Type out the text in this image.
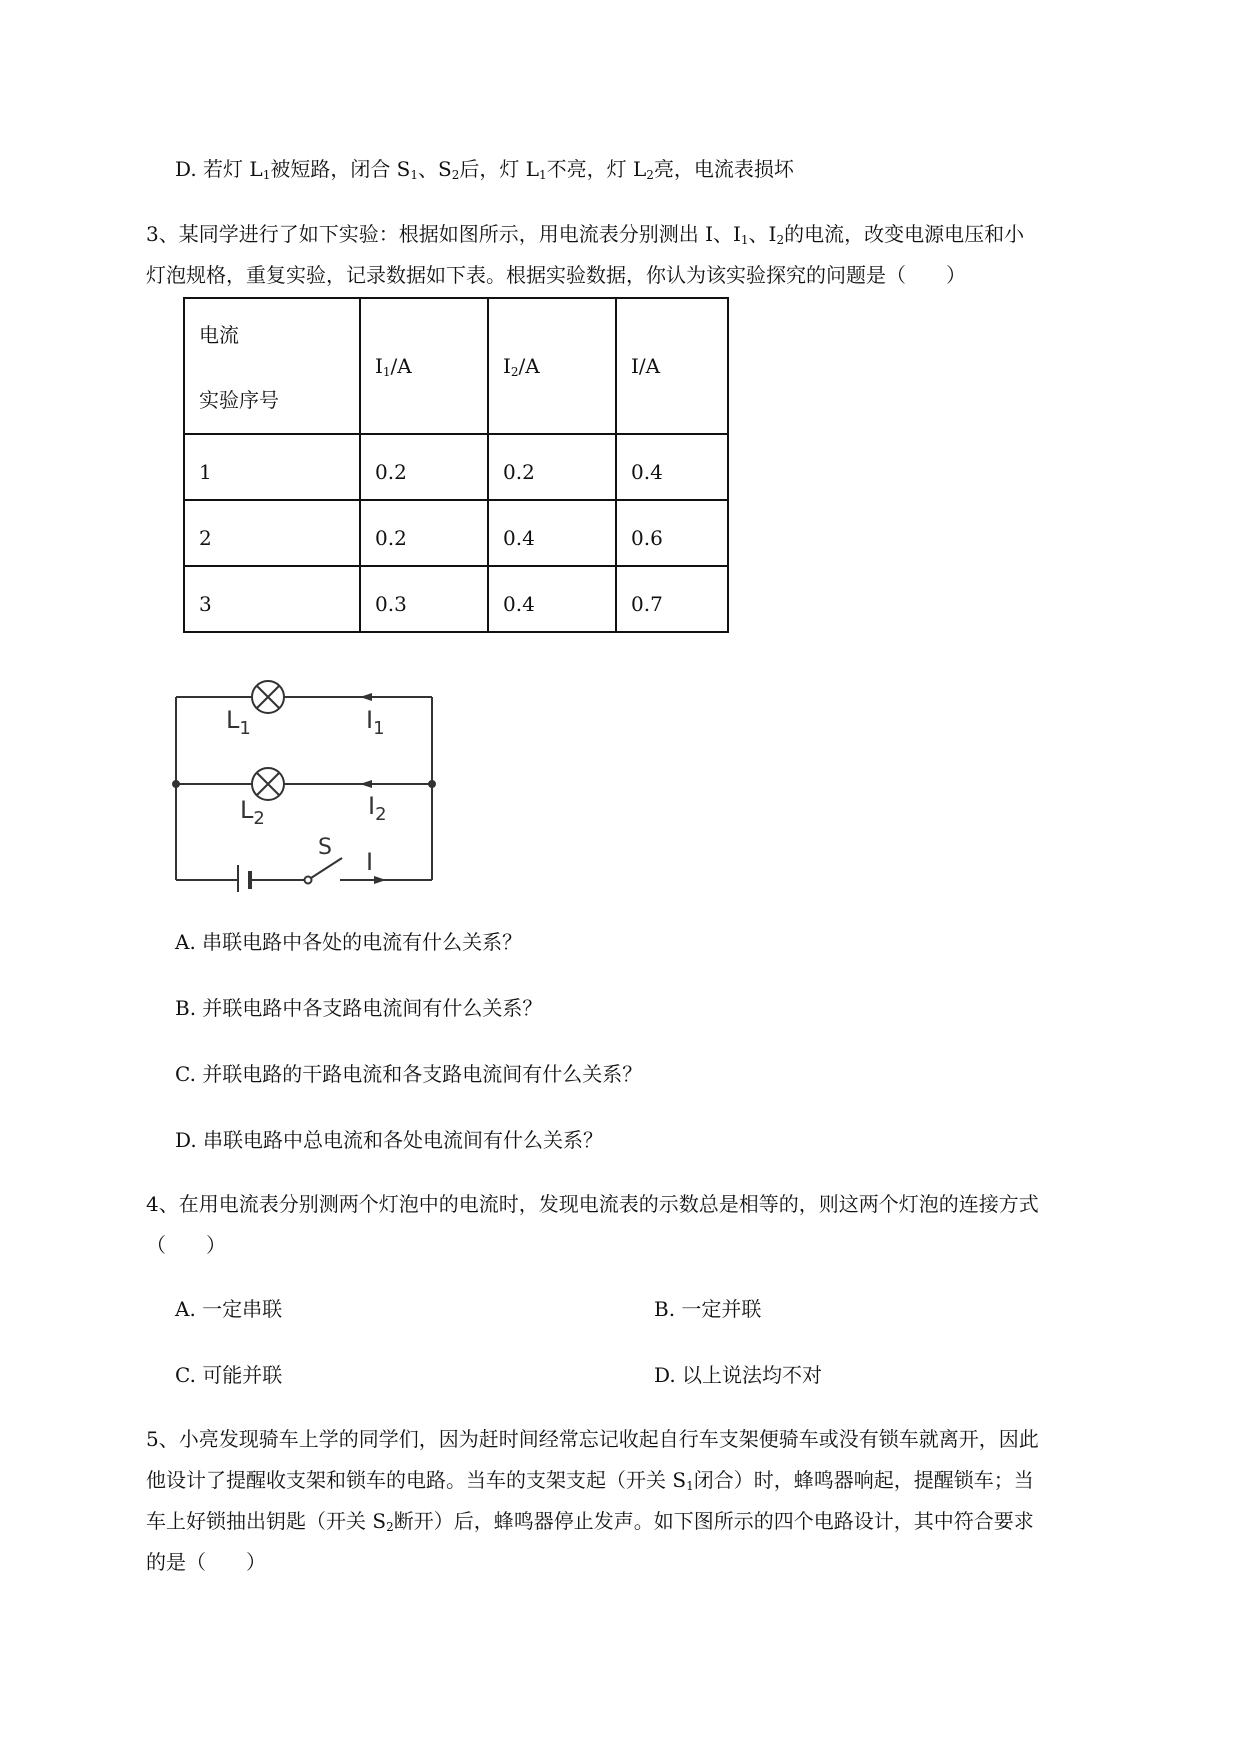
D. 若灯 $L_1$被短路，闭合 $S_1$、$S_2$后，灯 $L_1$不亮，灯 $L_2$亮，电流表损坏
3、某同学进行了如下实验：根据如图所示，用电流表分别测出 I、$I_1$、$I_2$的电流，改变电源电压和小
灯泡规格，重复实验，记录数据如下表。根据实验数据，你认为该实验探究的问题是（　　）
电流
实验序号	$I_1/A$	$I_2/A$	I/A
1	0.2	0.2	0.4
2	0.2	0.4	0.6
3	0.3	0.4	0.7
$L_1$	$I_1$
$L_2$	$I_2$
S
I
A. 串联电路中各处的电流有什么关系？
B. 并联电路中各支路电流间有什么关系？
C. 并联电路的干路电流和各支路电流间有什么关系？
D. 串联电路中总电流和各处电流间有什么关系？
4、在用电流表分别测两个灯泡中的电流时，发现电流表的示数总是相等的，则这两个灯泡的连接方式
（　　）
A. 一定串联	B. 一定并联
C. 可能并联	D. 以上说法均不对
5、小亮发现骑车上学的同学们，因为赶时间经常忘记收起自行车支架便骑车或没有锁车就离开，因此
他设计了提醒收支架和锁车的电路。当车的支架支起（开关 $S_1$闭合）时，蜂鸣器响起，提醒锁车；当
车上好锁抽出钥匙（开关 $S_2$断开）后，蜂鸣器停止发声。如下图所示的四个电路设计，其中符合要求
的是（　　）
